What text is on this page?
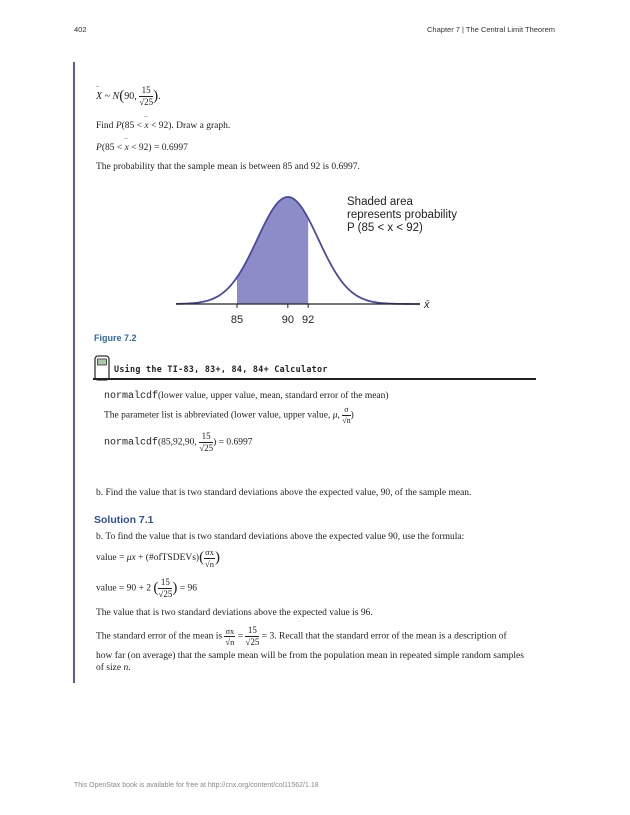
402	Chapter 7 | The Central Limit Theorem
– X ~ N(90, $\frac{15}{√25}$ ).
Find P(85 < – x < 92). Draw a graph.
P(85 < – x < 92) = 0.6997
The probability that the sample mean is between 85 and 92 is 0.6997.
85	90 92
x̄
Shaded area
represents probability
P (85 < x < 92)
Figure 7.2
Using the TI-83, 83+, 84, 84+ Calculator
normalcdf(lower value, upper value, mean, standard error of the mean)
The parameter list is abbreviated (lower value, upper value, μ, $\frac{\sigma}{√n}$ )
normalcdf(85,92,90, $\frac{15}{√25}$ ) = 0.6997
b. Find the value that is two standard deviations above the expected value, 90, of the sample mean.
Solution 7.1
b. To find the value that is two standard deviations above the expected value 90, use the formula:
value = μx + (#ofTSDEVs)( $\frac{\sigma x}{√n}$ )
value = 90 + 2 ( $\frac{15}{√25}$ ) = 96
The value that is two standard deviations above the expected value is 96.
The standard error of the mean is $\frac{\sigma x}{√n} = \frac{15}{√25} = 3$. Recall that the standard error of the mean is a description of
how far (on average) that the sample mean will be from the population mean in repeated simple random samples
of size n.
This OpenStax book is available for free at http://cnx.org/content/col11562/1.18
